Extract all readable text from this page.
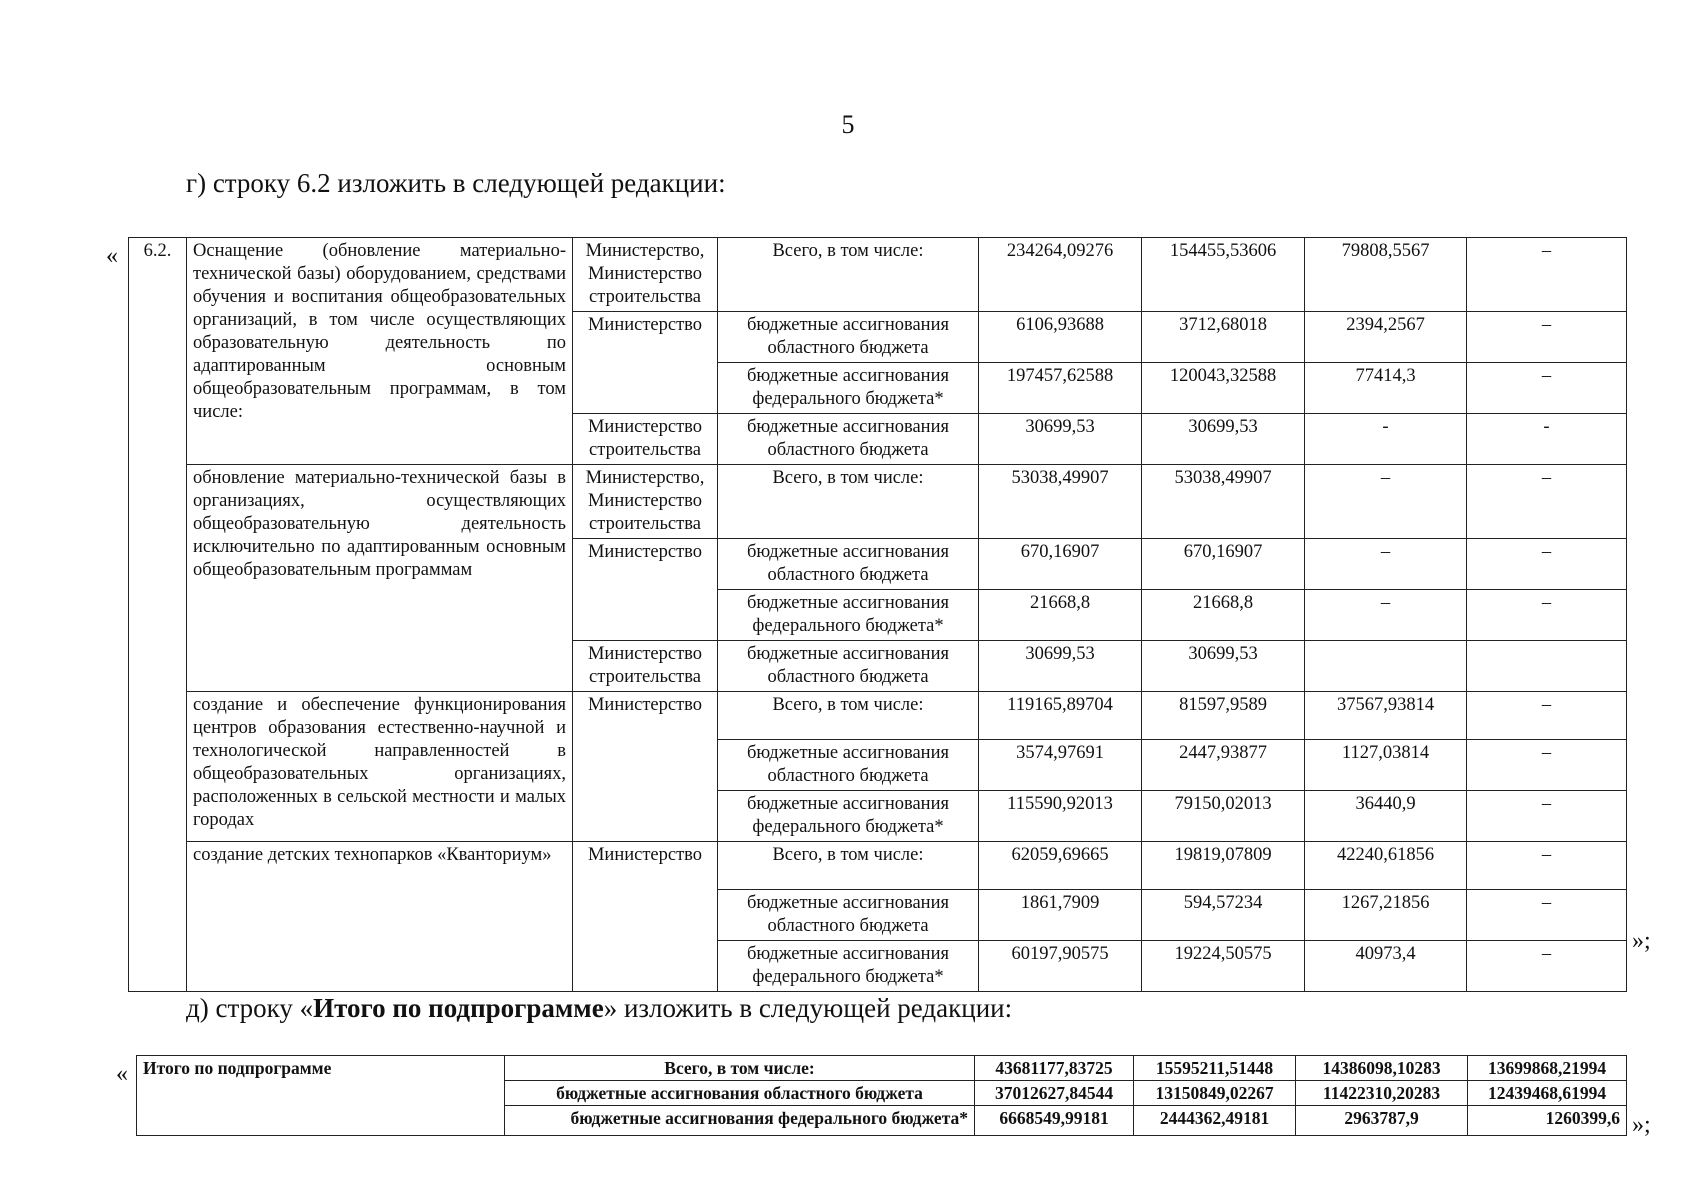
5
г) строку 6.2 изложить в следующей редакции:
«
»;
6.2.	Оснащение (обновление материально-технической базы) оборудованием, средствами обучения и воспитания общеобразовательных организаций, в том числе осуществляющих образовательную деятельность по адаптированным основным общеобразовательным программам, в том числе:	Министерство, Министерство строительства	Всего, в том числе:	234264,09276	154455,53606	79808,5567	–
		Министерство	бюджетные ассигнования областного бюджета	6106,93688	3712,68018	2394,2567	–
			бюджетные ассигнования федерального бюджета*	197457,62588	120043,32588	77414,3	–
		Министерство строительства	бюджетные ассигнования областного бюджета	30699,53	30699,53	-	-
	обновление материально-технической базы в организациях, осуществляющих общеобразовательную деятельность исключительно по адаптированным основным общеобразовательным программам	Министерство, Министерство строительства	Всего, в том числе:	53038,49907	53038,49907	–	–
		Министерство	бюджетные ассигнования областного бюджета	670,16907	670,16907	–	–
			бюджетные ассигнования федерального бюджета*	21668,8	21668,8	–	–
		Министерство строительства	бюджетные ассигнования областного бюджета	30699,53	30699,53		
	создание и обеспечение функционирования центров образования естественно-научной и технологической направленностей в общеобразовательных организациях, расположенных в сельской местности и малых городах	Министерство	Всего, в том числе:	119165,89704	81597,9589	37567,93814	–
			бюджетные ассигнования областного бюджета	3574,97691	2447,93877	1127,03814	–
			бюджетные ассигнования федерального бюджета*	115590,92013	79150,02013	36440,9	–
	создание детских технопарков «Кванториум»	Министерство	Всего, в том числе:	62059,69665	19819,07809	42240,61856	–
			бюджетные ассигнования областного бюджета	1861,7909	594,57234	1267,21856	–
			бюджетные ассигнования федерального бюджета*	60197,90575	19224,50575	40973,4	–
д) строку «Итого по подпрограмме» изложить в следующей редакции:
«
»;
Итого по подпрограмме	Всего, в том числе:	43681177,83725	15595211,51448	14386098,10283	13699868,21994
	бюджетные ассигнования областного бюджета	37012627,84544	13150849,02267	11422310,20283	12439468,61994
	бюджетные ассигнования федерального бюджета*	6668549,99181	2444362,49181	2963787,9	1260399,6
